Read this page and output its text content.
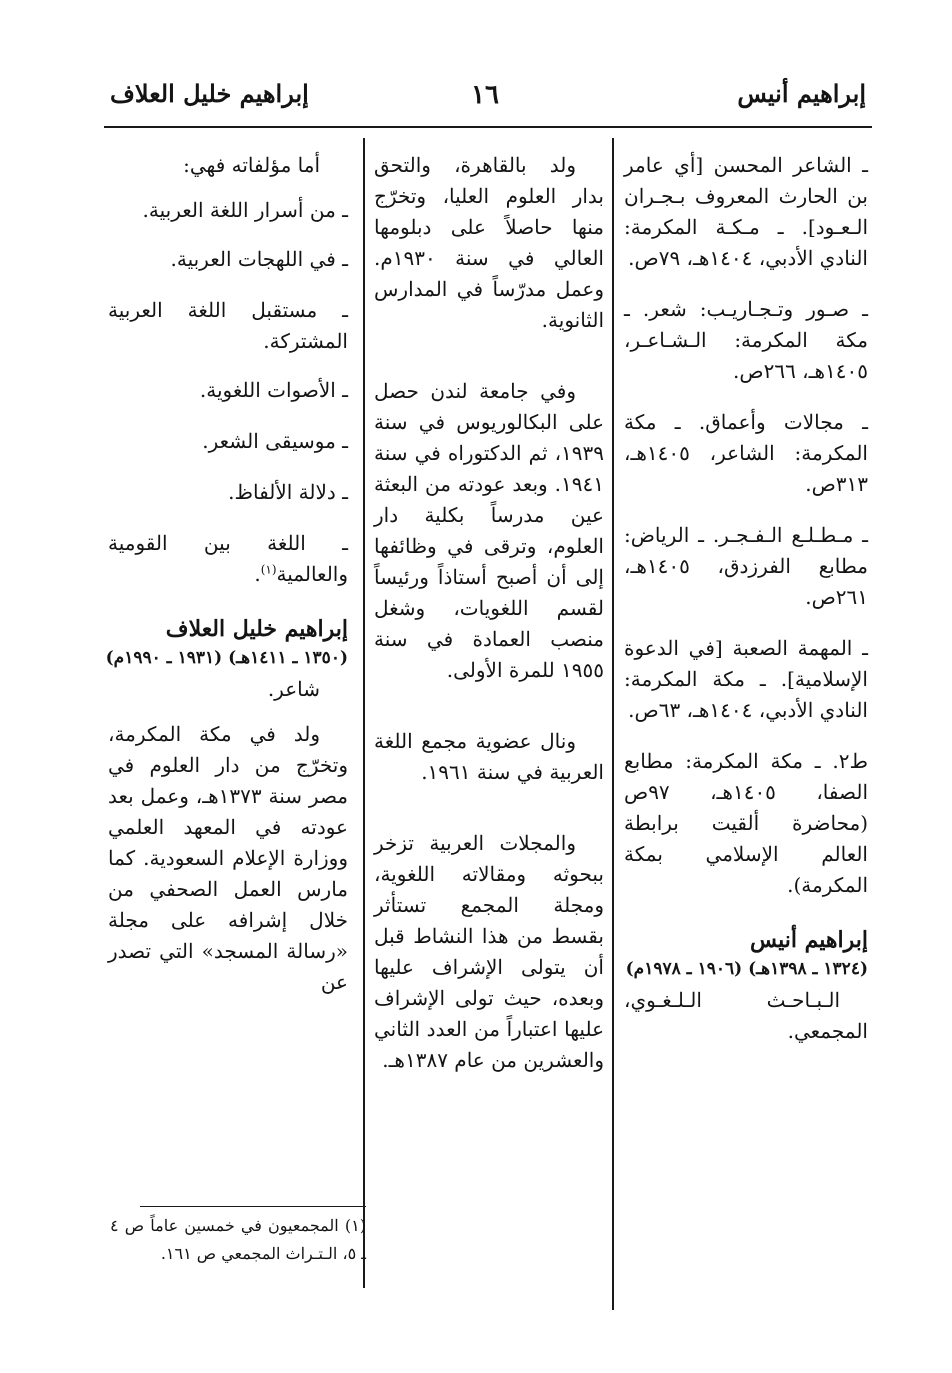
إبراهيم أنيس
١٦
إبراهيم خليل العلاف

ـ الشاعر المحسن [أي عامر بن الحارث المعروف بـجـران الـعـود]. ـ مـكـة المكرمة: النادي الأدبي، ١٤٠٤هـ، ٧٩ص.

ـ صـور وتـجـاريـب: شعر. ـ مكة المكرمة: الـشـاعـر، ١٤٠٥هـ، ٢٦٦ص.

ـ مجالات وأعماق. ـ مكة المكرمة: الشاعر، ١٤٠٥هـ، ٣١٣ص.

ـ مـطـلـع الـفـجـر. ـ الرياض: مطابع الفرزدق، ١٤٠٥هـ، ٢٦١ص.

ـ المهمة الصعبة [في الدعوة الإسلامية]. ـ مكة المكرمة: النادي الأدبي، ١٤٠٤هـ، ٦٣ص.

ط٢. ـ مكة المكرمة: مطابع الصفا، ١٤٠٥هـ، ٩٧ص (محاضرة ألقيت برابطة العالم الإسلامي بمكة المكرمة).

إبراهيم أنيس
(١٣٢٤ ـ ١٣٩٨هـ) (١٩٠٦ ـ ١٩٧٨م)

الـبـاحـث الـلـغـوي، المجمعي.

ولد بالقاهرة، والتحق بدار العلوم العليا، وتخرّج منها حاصلاً على دبلومها العالي في سنة ١٩٣٠م. وعمل مدرّساً في المدارس الثانوية.

وفي جامعة لندن حصل على البكالوريوس في سنة ١٩٣٩، ثم الدكتوراه في سنة ١٩٤١. وبعد عودته من البعثة عين مدرساً بكلية دار العلوم، وترقى في وظائفها إلى أن أصبح أستاذاً ورئيساً لقسم اللغويات، وشغل منصب العمادة في سنة ١٩٥٥ للمرة الأولى.

ونال عضوية مجمع اللغة العربية في سنة ١٩٦١.

والمجلات العربية تزخر ببحوثه ومقالاته اللغوية، ومجلة المجمع تستأثر بقسط من هذا النشاط قبل أن يتولى الإشراف عليها وبعده، حيث تولى الإشراف عليها اعتباراً من العدد الثاني والعشرين من عام ١٣٨٧هـ.

أما مؤلفاته فهي:

ـ من أسرار اللغة العربية.

ـ في اللهجات العربية.

ـ مستقبل اللغة العربية المشتركة.

ـ الأصوات اللغوية.

ـ موسيقى الشعر.

ـ دلالة الألفاظ.

ـ اللغة بين القومية والعالمية$^{(١)}$.

إبراهيم خليل العلاف
(١٣٥٠ ـ ١٤١١هـ) (١٩٣١ ـ ١٩٩٠م)

شاعر.

ولد في مكة المكرمة، وتخرّج من دار العلوم في مصر سنة ١٣٧٣هـ، وعمل بعد عودته في المعهد العلمي ووزارة الإعلام السعودية. كما مارس العمل الصحفي من خلال إشرافه على مجلة «رسالة المسجد» التي تصدر عن

(١) المجمعيون في خمسين عاماً ص ٤ ـ ٥، الـتـراث المجمعي ص ١٦١.
